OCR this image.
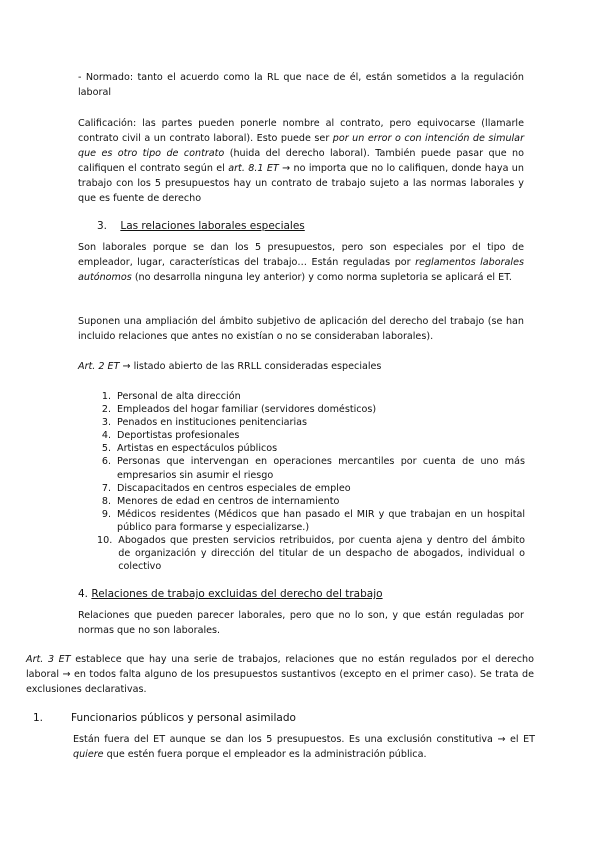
- Normado: tanto el acuerdo como la RL que nace de él, están sometidos a la regulación laboral

Calificación: las partes pueden ponerle nombre al contrato, pero equivocarse (llamarle contrato civil a un contrato laboral). Esto puede ser por un error o con intención de simular que es otro tipo de contrato (huida del derecho laboral). También puede pasar que no califiquen el contrato según el art. 8.1 ET → no importa que no lo califiquen, donde haya un trabajo con los 5 presupuestos hay un contrato de trabajo sujeto a las normas laborales y que es fuente de derecho

3. Las relaciones laborales especiales

Son laborales porque se dan los 5 presupuestos, pero son especiales por el tipo de empleador, lugar, características del trabajo… Están reguladas por reglamentos laborales autónomos (no desarrolla ninguna ley anterior) y como norma supletoria se aplicará el ET.

Suponen una ampliación del ámbito subjetivo de aplicación del derecho del trabajo (se han incluido relaciones que antes no existían o no se consideraban laborales).

Art. 2 ET → listado abierto de las RRLL consideradas especiales

1. Personal de alta dirección
2. Empleados del hogar familiar (servidores domésticos)
3. Penados en instituciones penitenciarias
4. Deportistas profesionales
5. Artistas en espectáculos públicos
6. Personas que intervengan en operaciones mercantiles por cuenta de uno más empresarios sin asumir el riesgo
7. Discapacitados en centros especiales de empleo
8. Menores de edad en centros de internamiento
9. Médicos residentes (Médicos que han pasado el MIR y que trabajan en un hospital público para formarse y especializarse.)
10. Abogados que presten servicios retribuidos, por cuenta ajena y dentro del ámbito de organización y dirección del titular de un despacho de abogados, individual o colectivo
4. Relaciones de trabajo excluidas del derecho del trabajo

Relaciones que pueden parecer laborales, pero que no lo son, y que están reguladas por normas que no son laborales.

Art. 3 ET establece que hay una serie de trabajos, relaciones que no están regulados por el derecho laboral → en todos falta alguno de los presupuestos sustantivos (excepto en el primer caso). Se trata de exclusiones declarativas.

1.	Funcionarios públicos y personal asimilado

Están fuera del ET aunque se dan los 5 presupuestos. Es una exclusión constitutiva → el ET quiere que estén fuera porque el empleador es la administración pública.
